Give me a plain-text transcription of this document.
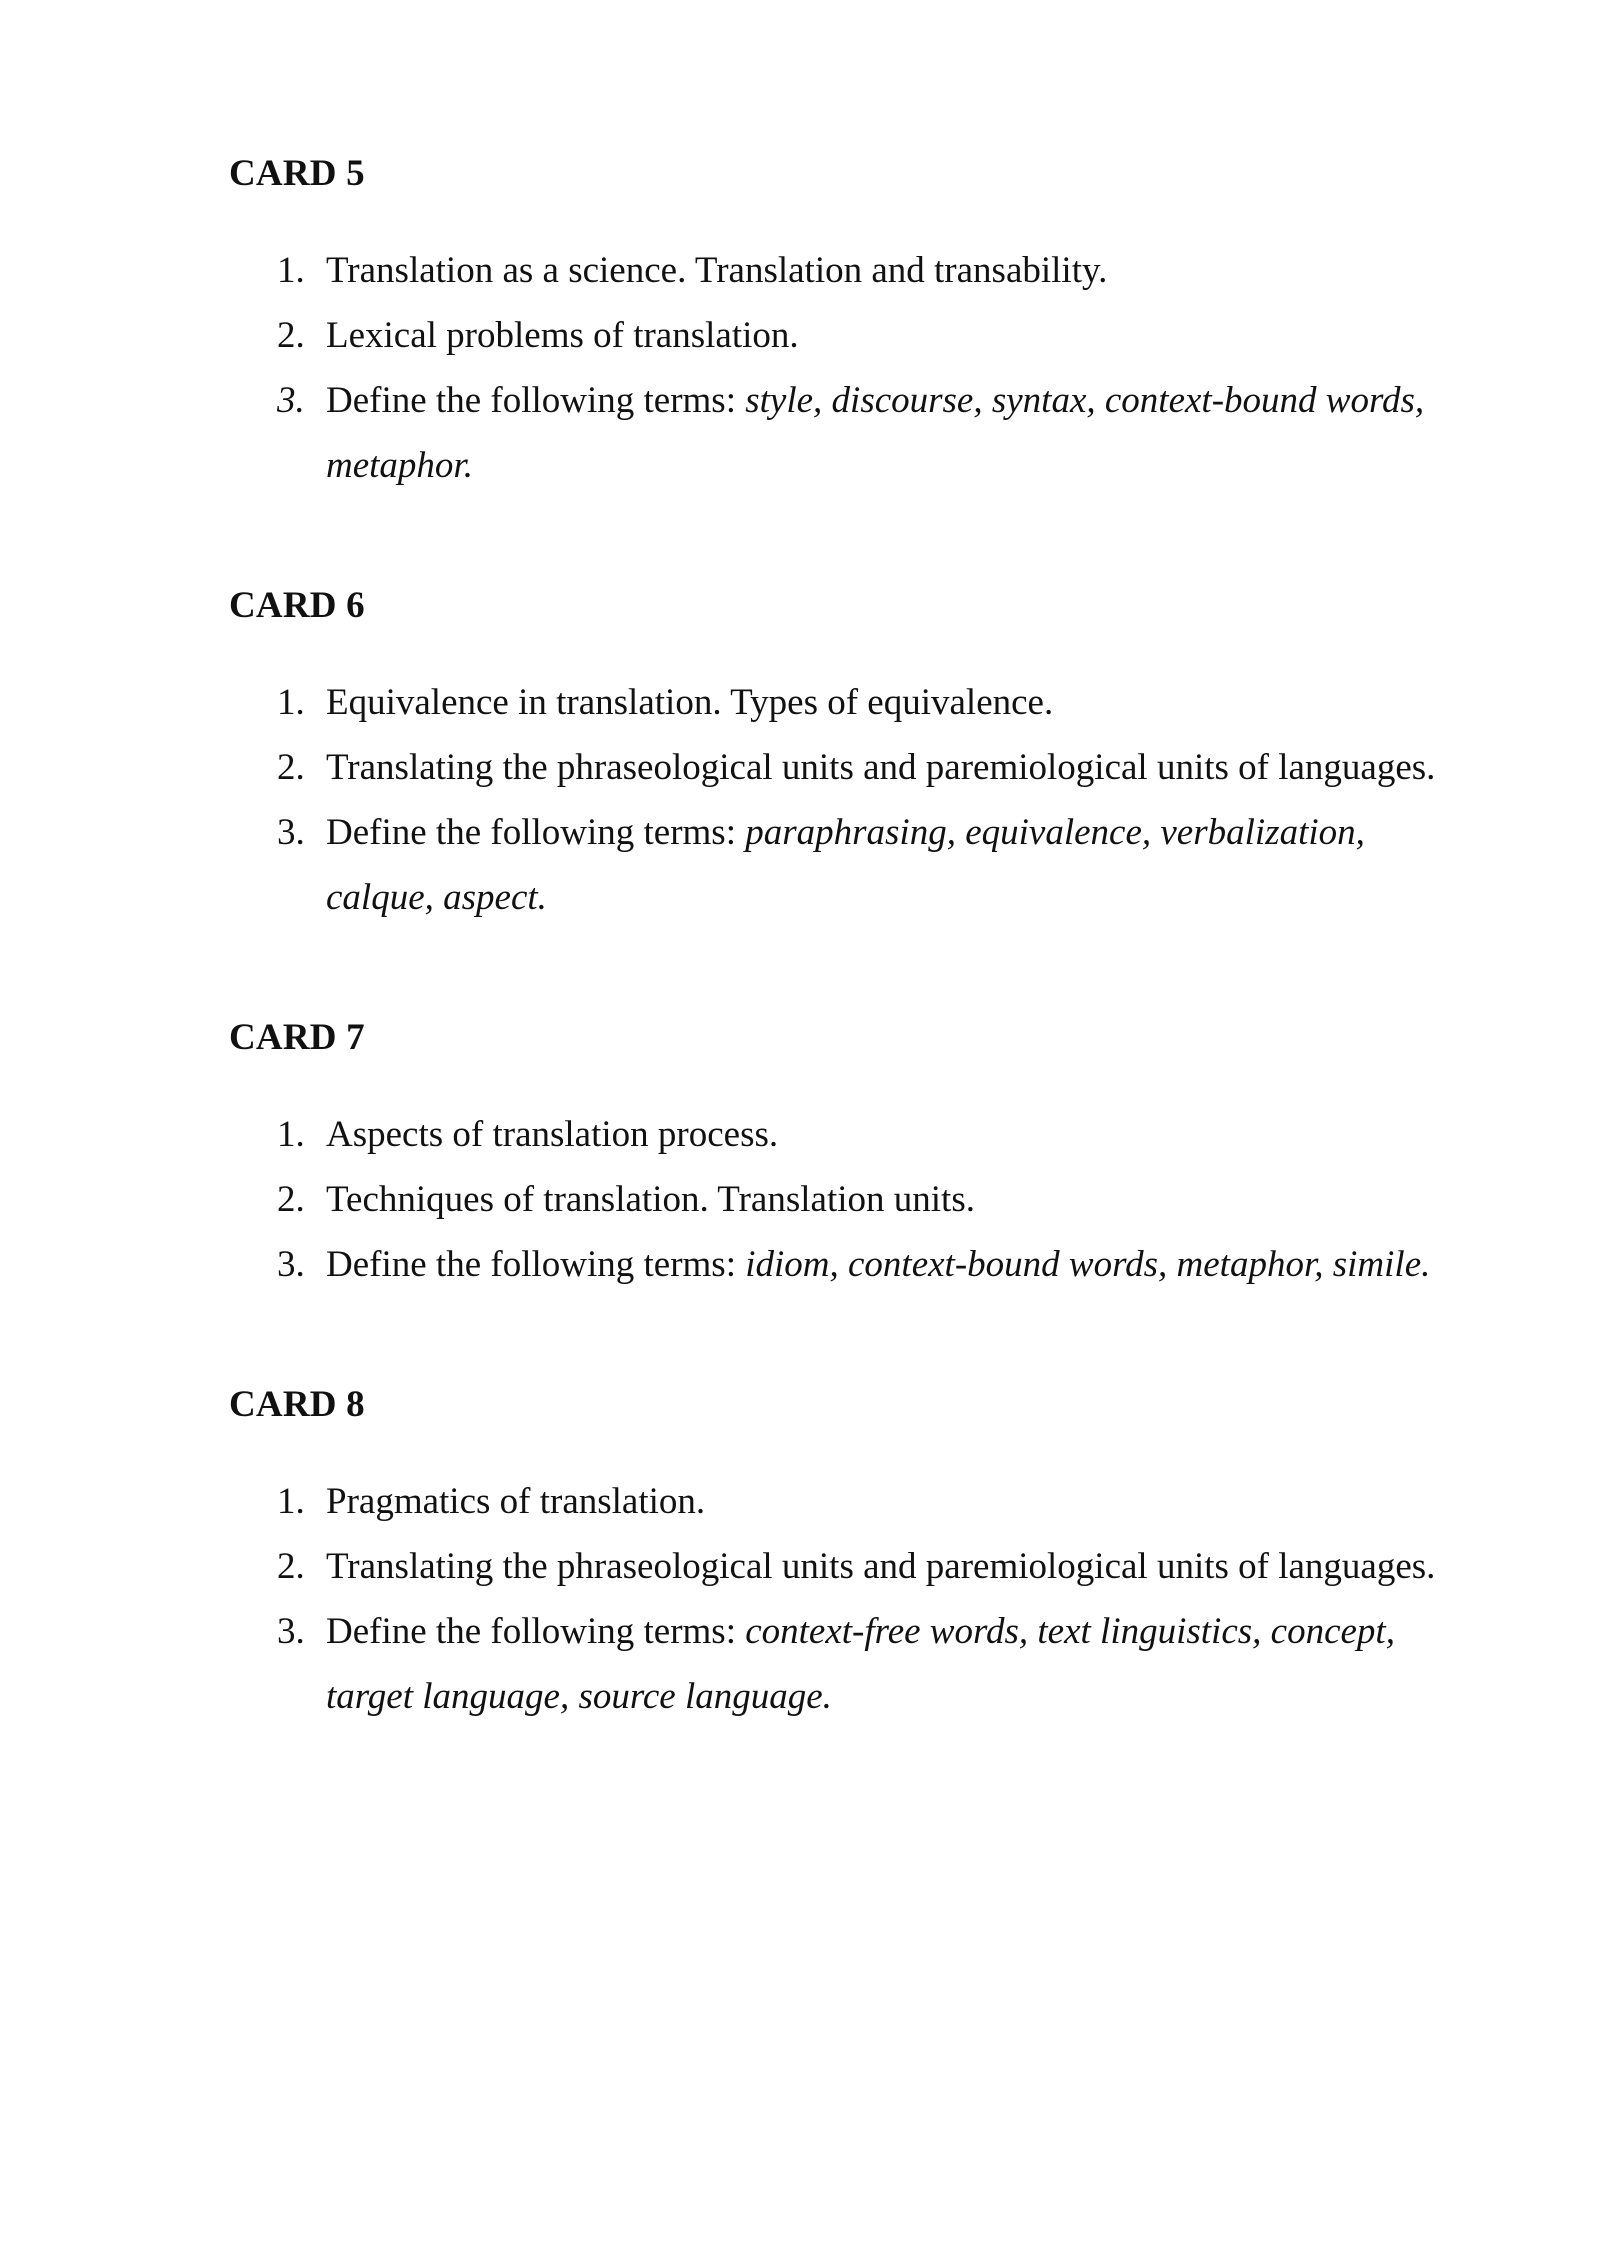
CARD 5
1. Translation as a science. Translation and transability.
2. Lexical problems of translation.
3. Define the following terms: style, discourse, syntax, context-bound words,
metaphor.
CARD 6
1. Equivalence in translation. Types of equivalence.
2. Translating the phraseological units and paremiological units of languages.
3. Define the following terms: paraphrasing, equivalence, verbalization,
calque, aspect.
CARD 7
1. Aspects of translation process.
2. Techniques of translation. Translation units.
3. Define the following terms: idiom, context-bound words, metaphor, simile.
CARD 8
1. Pragmatics of translation.
2. Translating the phraseological units and paremiological units of languages.
3. Define the following terms: context-free words, text linguistics, concept,
target language, source language.
